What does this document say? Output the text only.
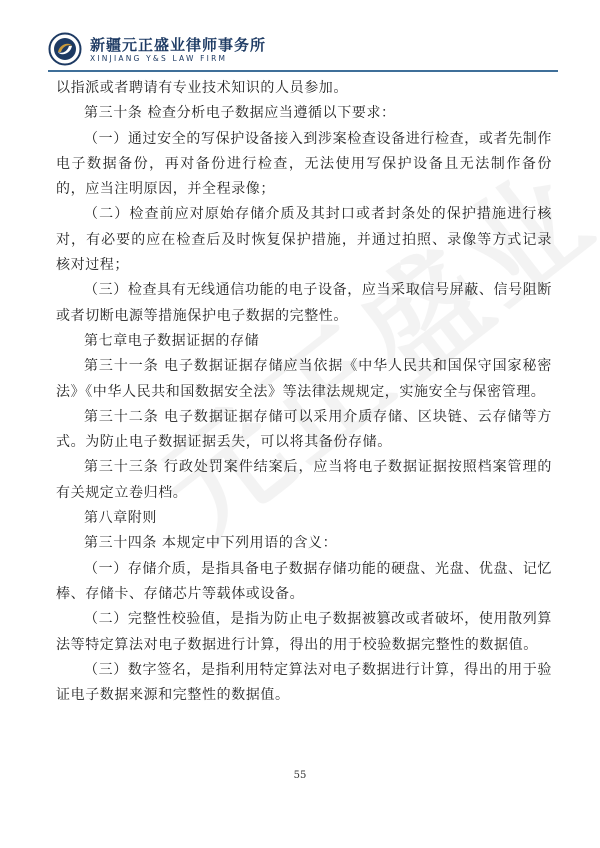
新疆元正盛业律师事务所
XINJIANG Y&S LAW FIRM

以指派或者聘请有专业技术知识的人员参加。

第三十条 检查分析电子数据应当遵循以下要求：

（一）通过安全的写保护设备接入到涉案检查设备进行检查，或者先制作电子数据备份，再对备份进行检查，无法使用写保护设备且无法制作备份的，应当注明原因，并全程录像；

（二）检查前应对原始存储介质及其封口或者封条处的保护措施进行核对，有必要的应在检查后及时恢复保护措施，并通过拍照、录像等方式记录核对过程；

（三）检查具有无线通信功能的电子设备，应当采取信号屏蔽、信号阻断或者切断电源等措施保护电子数据的完整性。

第七章电子数据证据的存储

第三十一条 电子数据证据存储应当依据《中华人民共和国保守国家秘密法》《中华人民共和国数据安全法》等法律法规规定，实施安全与保密管理。

第三十二条 电子数据证据存储可以采用介质存储、区块链、云存储等方式。为防止电子数据证据丢失，可以将其备份存储。

第三十三条 行政处罚案件结案后，应当将电子数据证据按照档案管理的有关规定立卷归档。

第八章附则

第三十四条 本规定中下列用语的含义：

（一）存储介质，是指具备电子数据存储功能的硬盘、光盘、优盘、记忆棒、存储卡、存储芯片等载体或设备。

（二）完整性校验值，是指为防止电子数据被篡改或者破坏，使用散列算法等特定算法对电子数据进行计算，得出的用于校验数据完整性的数据值。

（三）数字签名，是指利用特定算法对电子数据进行计算，得出的用于验证电子数据来源和完整性的数据值。

55
